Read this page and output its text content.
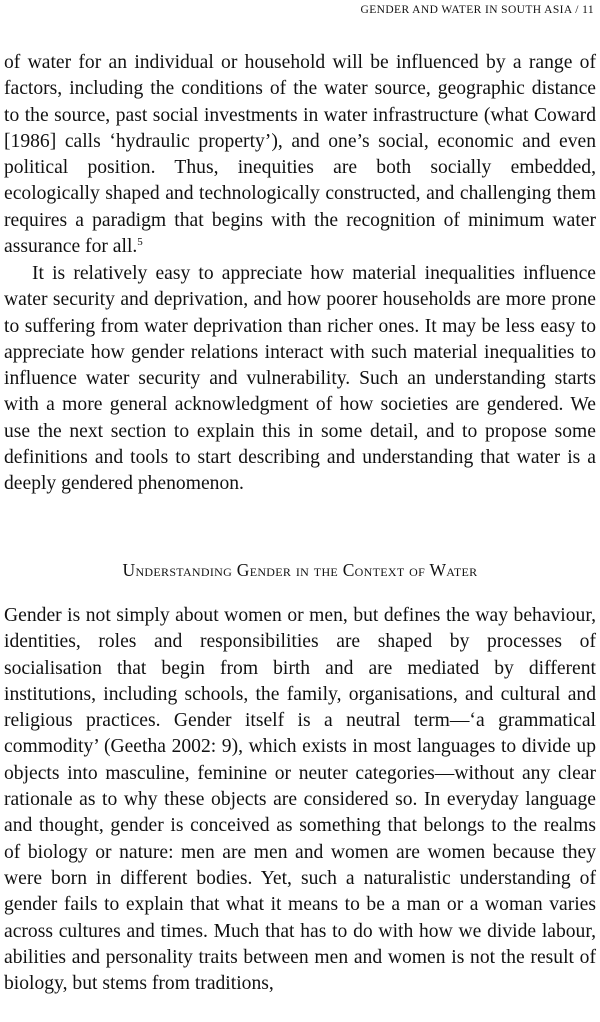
GENDER AND WATER IN SOUTH ASIA / 11

of water for an individual or household will be influenced by a range of factors, including the conditions of the water source, geographic distance to the source, past social investments in water infrastructure (what Coward [1986] calls ‘hydraulic property’), and one’s social, economic and even political position. Thus, inequities are both socially embedded, ecologically shaped and technologically constructed, and challenging them requires a paradigm that begins with the recognition of minimum water assurance for all.$^5$

It is relatively easy to appreciate how material inequalities influence water security and deprivation, and how poorer households are more prone to suffering from water deprivation than richer ones. It may be less easy to appreciate how gender relations interact with such material inequalities to influence water security and vulnerability. Such an understanding starts with a more general acknowledgment of how societies are gendered. We use the next section to explain this in some detail, and to propose some definitions and tools to start describing and understanding that water is a deeply gendered phenomenon.

Understanding Gender in the Context of Water

Gender is not simply about women or men, but defines the way behaviour, identities, roles and responsibilities are shaped by processes of socialisation that begin from birth and are mediated by different institutions, including schools, the family, organisations, and cultural and religious practices. Gender itself is a neutral term—‘a grammatical commodity’ (Geetha 2002: 9), which exists in most languages to divide up objects into masculine, feminine or neuter categories—without any clear rationale as to why these objects are considered so. In everyday language and thought, gender is conceived as something that belongs to the realms of biology or nature: men are men and women are women because they were born in different bodies. Yet, such a naturalistic understanding of gender fails to explain that what it means to be a man or a woman varies across cultures and times. Much that has to do with how we divide labour, abilities and personality traits between men and women is not the result of biology, but stems from traditions,
